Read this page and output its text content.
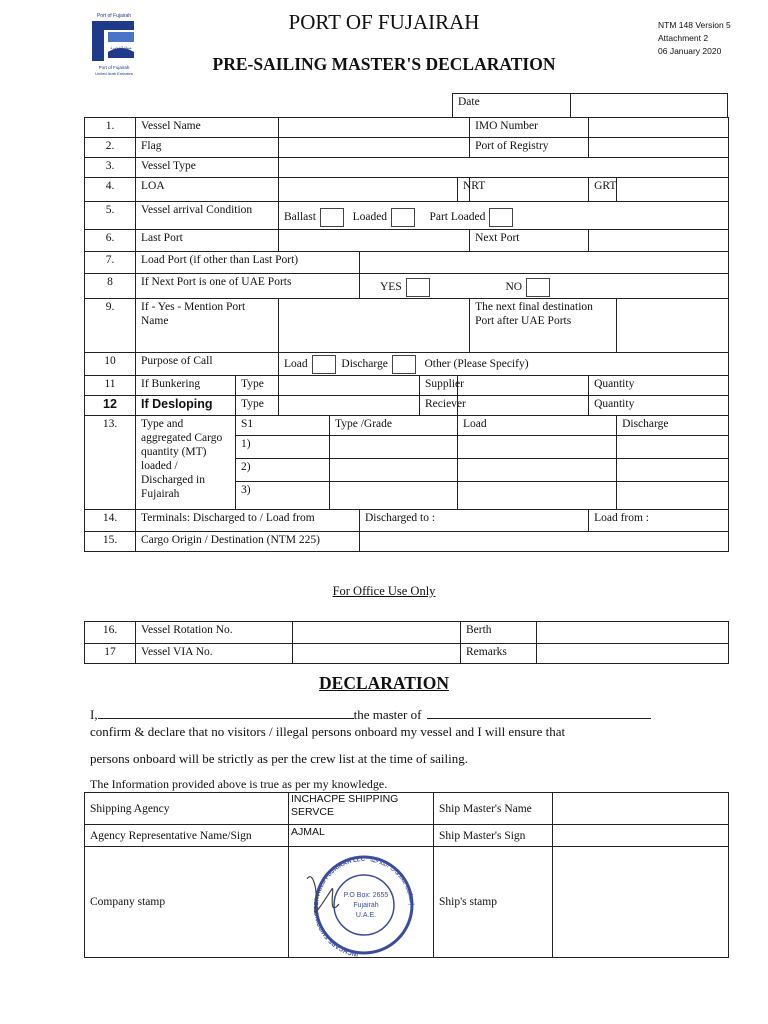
Port of Fujairah
ميناء الفجيرة
Port of Fujairah
United Arab Emirates
PORT OF FUJAIRAH
PRE-SAILING MASTER'S DECLARATION
NTM 148 Version 5
Attachment 2
06 January 2020
Date	
1.	Vessel Name							IMO Number		
2.	Flag							Port of Registry		
3.	Vessel Type									
4.	LOA						NRT		GRT	
5.	Vessel arrival Condition		Ballast Loaded Part Loaded							
6.	Last Port							Next Port		
7.	Load Port (if other than Last Port)									
8	If Next Port is one of UAE Ports				YES NO					
9.	If - Yes - Mention Port Name							The next final destination Port after UAE Ports		
10	Purpose of Call		Load Discharge Other (Please Specify)							
11	If Bunkering	Type				Supplier			Quantity	
12	If Desloping	Type				Reciever			Quantity	
13.	Type and aggregated Cargo quantity (MT) loaded / Discharged in Fujairah	S1		Type /Grade			Load			Discharge
		1)								
		2)								
		3)								
14.	Terminals: Discharged to / Load from				Discharged to :				Load from :	
15.	Cargo Origin / Destination (NTM 225)									
For Office Use Only
16.	Vessel Rotation No.		Berth	
17	Vessel VIA No.		Remarks	
DECLARATION
I,	the master of
confirm & declare that no visitors / illegal persons onboard my vessel and I will ensure that
persons onboard will be strictly as per the crew list at the time of sailing.
The Information provided above is true as per my knowledge.
Shipping Agency	INCHACPE SHIPPING SERVCE	Ship Master's Name	
Agency Representative Name/Sign	AJMAL	Ship Master's Sign	
Company stamp	إنشكيب للخدمات الملاحية
INCHCAPE SHIPPING SERVICES FUJAIRAH LLC
P.O Box: 2655
Fujairah
U.A.E.	Ship's stamp	
